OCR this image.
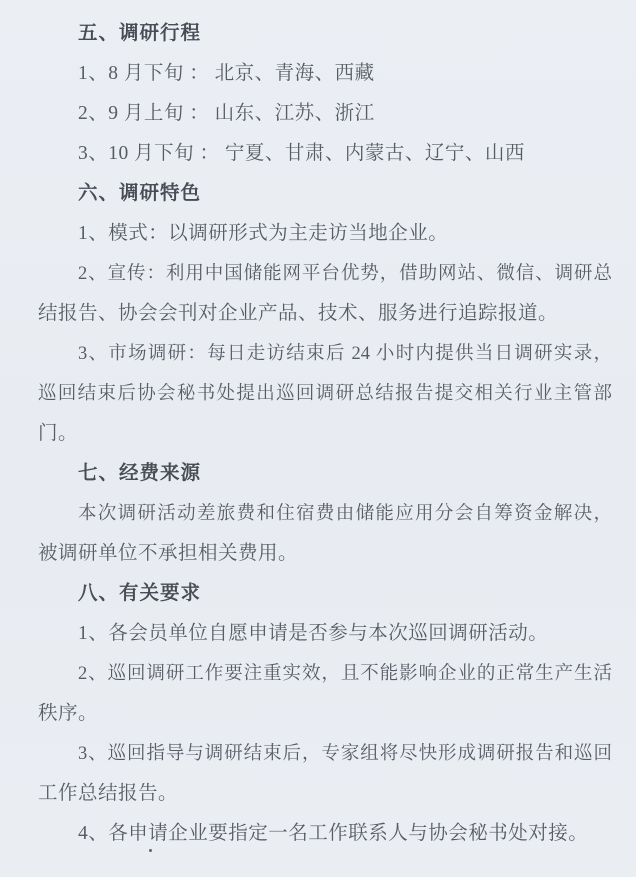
五、调研行程
1、8 月下旬 ： 北京、青海、西藏
2、9 月上旬 ： 山东、江苏、浙江
3、10 月下旬 ： 宁夏、甘肃、内蒙古、辽宁、山西
六、调研特色
1、模式：以调研形式为主走访当地企业。
2、宣传：利用中国储能网平台优势，借助网站、微信、调研总
结报告、协会会刊对企业产品、技术、服务进行追踪报道。
3、市场调研：每日走访结束后 24 小时内提供当日调研实录，
巡回结束后协会秘书处提出巡回调研总结报告提交相关行业主管部
门。
七、经费来源
本次调研活动差旅费和住宿费由储能应用分会自筹资金解决，
被调研单位不承担相关费用。
八、有关要求
1、各会员单位自愿申请是否参与本次巡回调研活动。
2、巡回调研工作要注重实效，且不能影响企业的正常生产生活
秩序。
3、巡回指导与调研结束后，专家组将尽快形成调研报告和巡回
工作总结报告。
4、各申请企业要指定一名工作联系人与协会秘书处对接。
